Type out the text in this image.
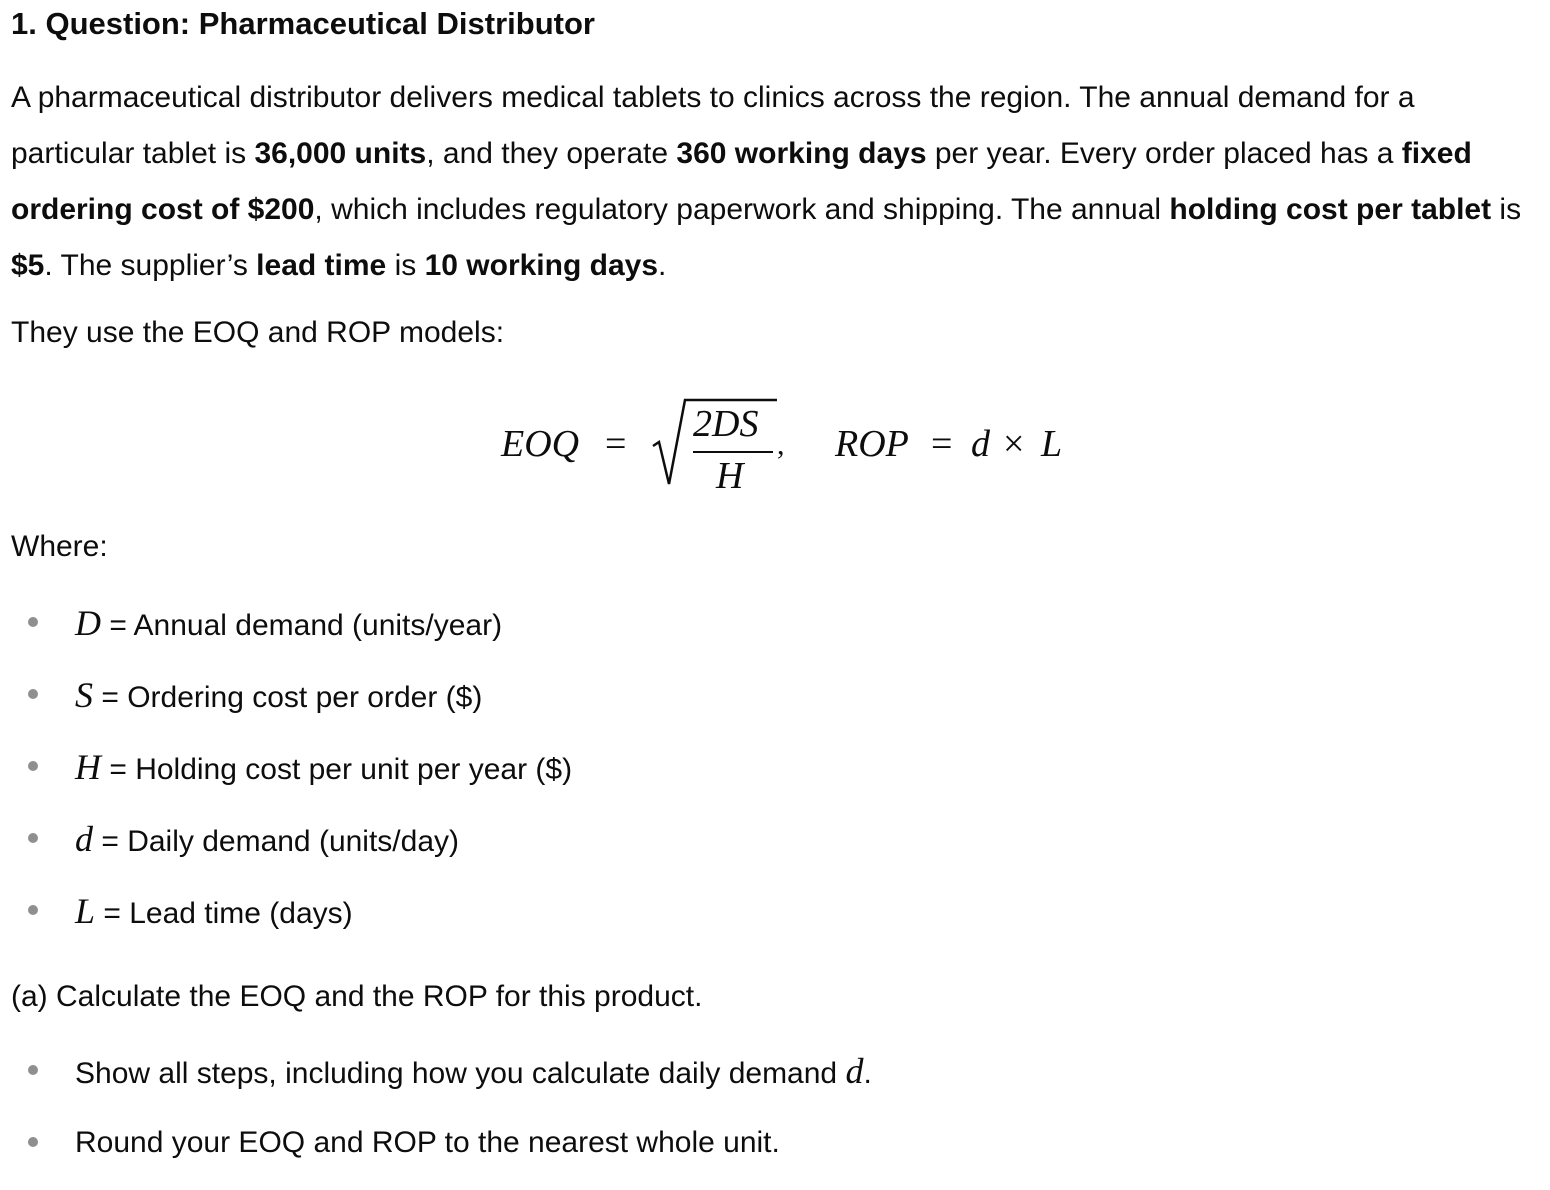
1. Question: Pharmaceutical Distributor

A pharmaceutical distributor delivers medical tablets to clinics across the region. The annual demand for a particular tablet is 36,000 units, and they operate 360 working days per year. Every order placed has a fixed ordering cost of $200, which includes regulatory paperwork and shipping. The annual holding cost per tablet is $5. The supplier’s lead time is 10 working days.

They use the EOQ and ROP models:

EOQ = 2DS
H
, ROP = d × L

Where:

D = Annual demand (units/year)
S = Ordering cost per order ($)
H = Holding cost per unit per year ($)
d = Daily demand (units/day)
L = Lead time (days)

(a) Calculate the EOQ and the ROP for this product.

Show all steps, including how you calculate daily demand d.
Round your EOQ and ROP to the nearest whole unit.
